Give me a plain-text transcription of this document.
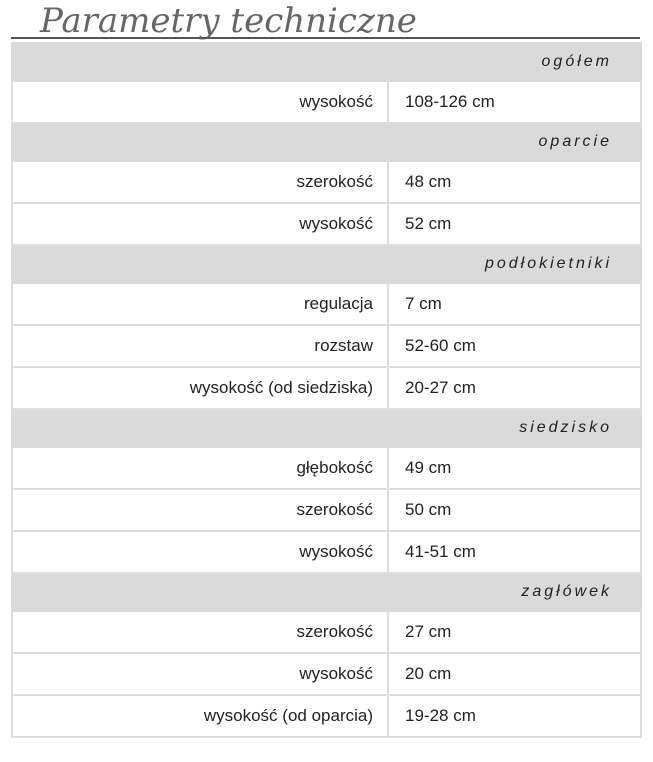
Parametry techniczne
ogółem	
wysokość	108-126 cm
oparcie	
szerokość	48 cm
wysokość	52 cm
podłokietniki	
regulacja	7 cm
rozstaw	52-60 cm
wysokość (od siedziska)	20-27 cm
siedzisko	
głębokość	49 cm
szerokość	50 cm
wysokość	41-51 cm
zagłówek	
szerokość	27 cm
wysokość	20 cm
wysokość (od oparcia)	19-28 cm
